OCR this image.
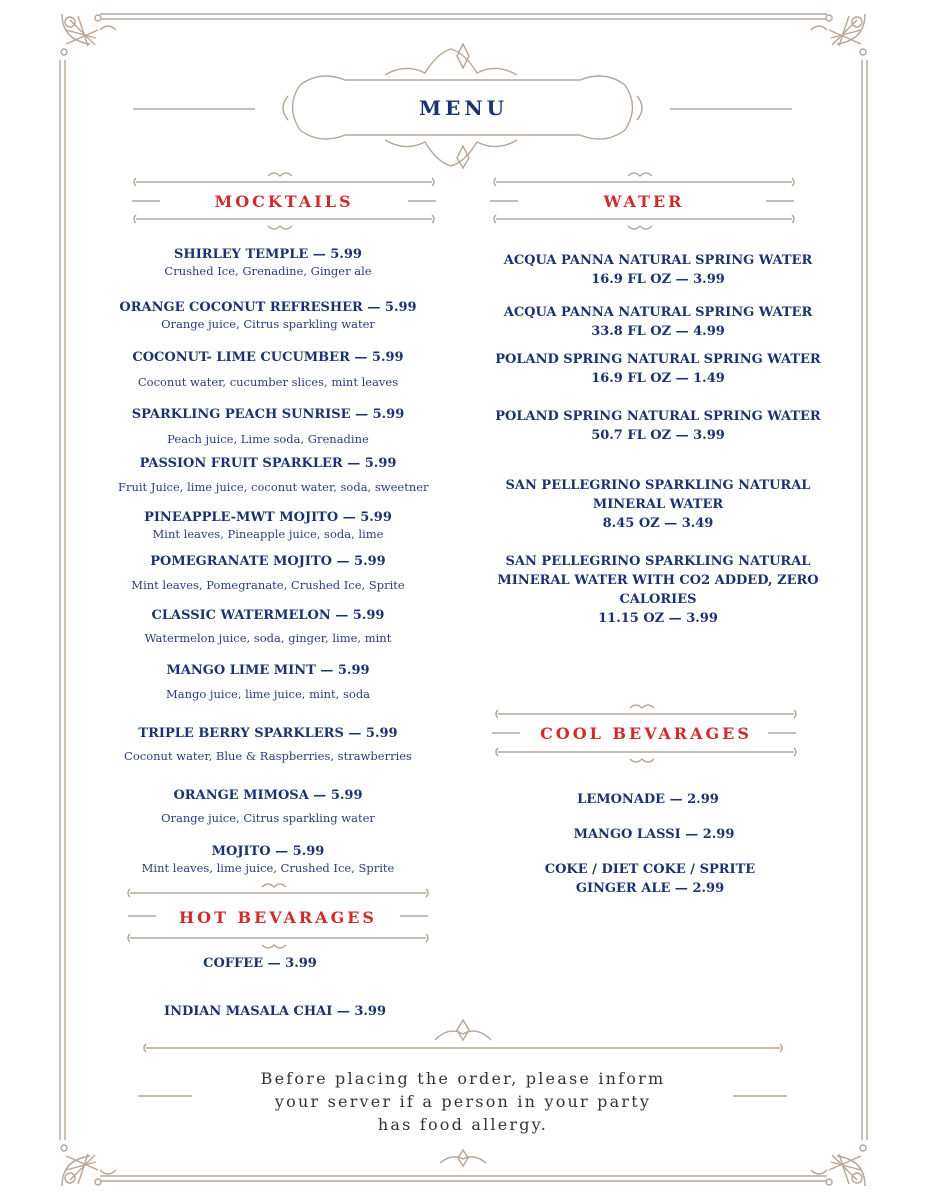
MENU
MOCKTAILS
SHIRLEY TEMPLE — 5.99
Crushed Ice, Grenadine, Ginger ale
ORANGE COCONUT REFRESHER — 5.99
Orange juice, Citrus sparkling water
COCONUT- LIME CUCUMBER — 5.99
Coconut water, cucumber slices, mint leaves
SPARKLING PEACH SUNRISE — 5.99
Peach juice, Lime soda, Grenadine
PASSION FRUIT SPARKLER — 5.99
Fruit Juice, lime juice, coconut water, soda, sweetner
PINEAPPLE-MWT MOJITO — 5.99
Mint leaves, Pineapple juice, soda, lime
POMEGRANATE MOJITO — 5.99
Mint leaves, Pomegranate, Crushed Ice, Sprite
CLASSIC WATERMELON — 5.99
Watermelon juice, soda, ginger, lime, mint
MANGO LIME MINT — 5.99
Mango juice, lime juice, mint, soda
TRIPLE BERRY SPARKLERS — 5.99
Coconut water, Blue & Raspberries, strawberries
ORANGE MIMOSA — 5.99
Orange juice, Citrus sparkling water
MOJITO — 5.99
Mint leaves, lime juice, Crushed Ice, Sprite
HOT BEVARAGES
COFFEE — 3.99
INDIAN MASALA CHAI — 3.99
WATER
ACQUA PANNA NATURAL SPRING WATER
16.9 FL OZ — 3.99
ACQUA PANNA NATURAL SPRING WATER
33.8 FL OZ — 4.99
POLAND SPRING NATURAL SPRING WATER
16.9 FL OZ — 1.49
POLAND SPRING NATURAL SPRING WATER
50.7 FL OZ — 3.99
SAN PELLEGRINO SPARKLING NATURAL
MINERAL WATER
8.45 OZ — 3.49
SAN PELLEGRINO SPARKLING NATURAL
MINERAL WATER WITH CO2 ADDED, ZERO
CALORIES
11.15 OZ — 3.99
COOL BEVARAGES
LEMONADE — 2.99
MANGO LASSI — 2.99
COKE / DIET COKE / SPRITE
GINGER ALE — 2.99
Before placing the order, please inform
your server if a person in your party
has food allergy.
